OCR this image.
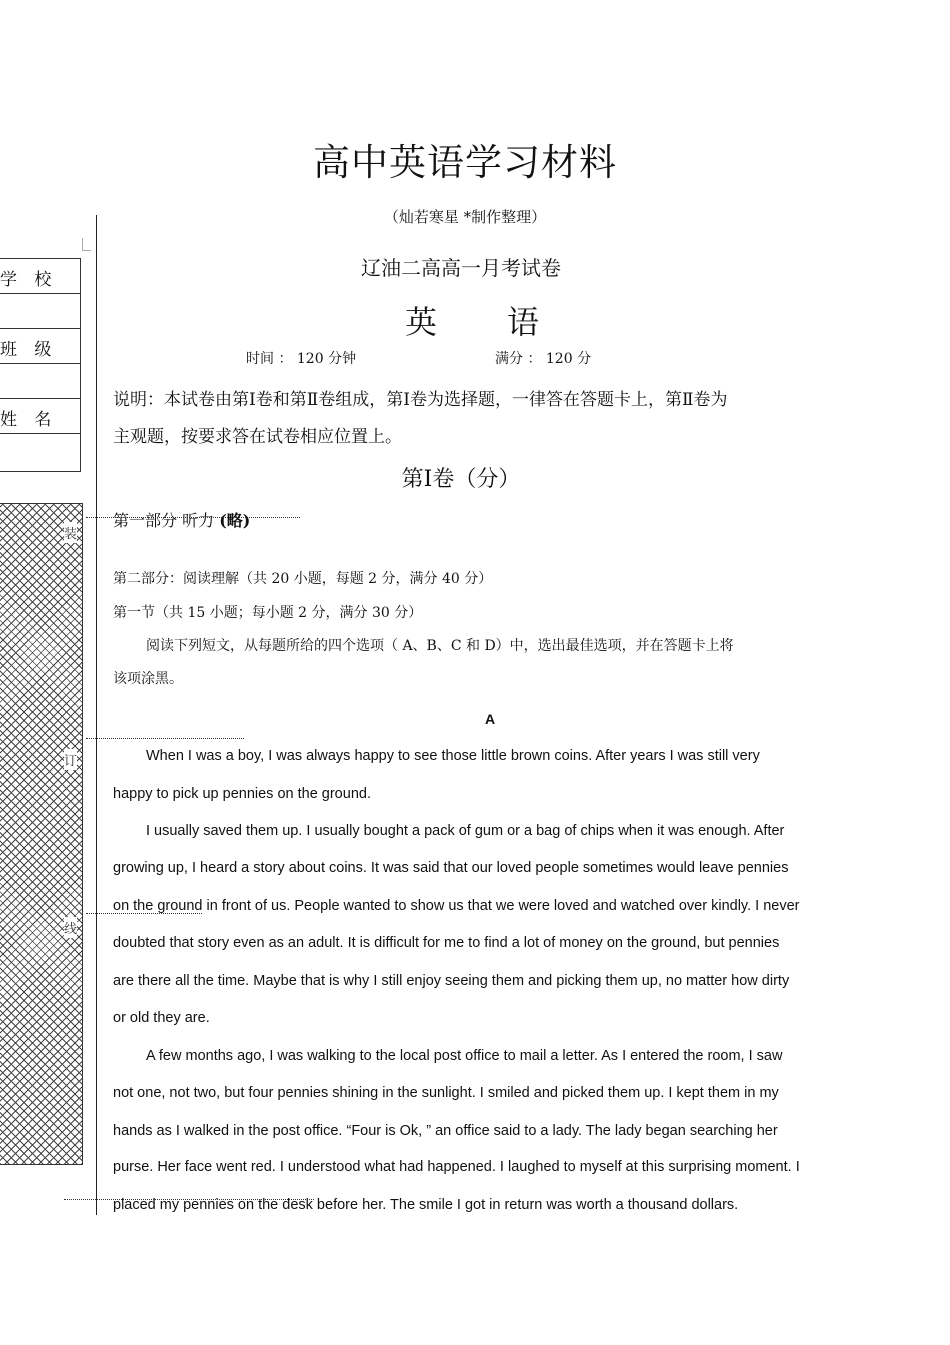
高中英语学习材料
（灿若寒星 *制作整理）
辽油二高高一月考试卷
英 语
时间 ： 120 分钟	满分 ： 120 分
说明：本试卷由第Ⅰ卷和第Ⅱ卷组成，第Ⅰ卷为选择题，一律答在答题卡上，第Ⅱ卷为
主观题，按要求答在试卷相应位置上。
第Ⅰ卷（分）
第一部分 听力 (略)
第二部分：阅读理解（共 20 小题，每题 2 分，满分 40 分）
第一节（共 15 小题；每小题 2 分，满分 30 分）
阅读下列短文，从每题所给的四个选项（ A、B、C 和 D）中，选出最佳选项，并在答题卡上将
该项涂黑。
A
When I was a boy, I was always happy to see those little brown coins. After years I was still very
happy to pick up pennies on the ground.
I usually saved them up. I usually bought a pack of gum or a bag of chips when it was enough. After
growing up, I heard a story about coins. It was said that our loved people sometimes would leave pennies
on the ground in front of us. People wanted to show us that we were loved and watched over kindly. I never
doubted that story even as an adult. It is difficult for me to find a lot of money on the ground, but pennies
are there all the time. Maybe that is why I still enjoy seeing them and picking them up, no matter how dirty
or old they are.
A few months ago, I was walking to the local post office to mail a letter. As I entered the room, I saw
not one, not two, but four pennies shining in the sunlight. I smiled and picked them up. I kept them in my
hands as I walked in the post office. “Four is Ok, ” an office said to a lady. The lady began searching her
purse. Her face went red. I understood what had happened. I laughed to myself at this surprising moment. I
placed my pennies on the desk before her. The smile I got in return was worth a thousand dollars.
学 校
班 级
姓 名
装
订
线
